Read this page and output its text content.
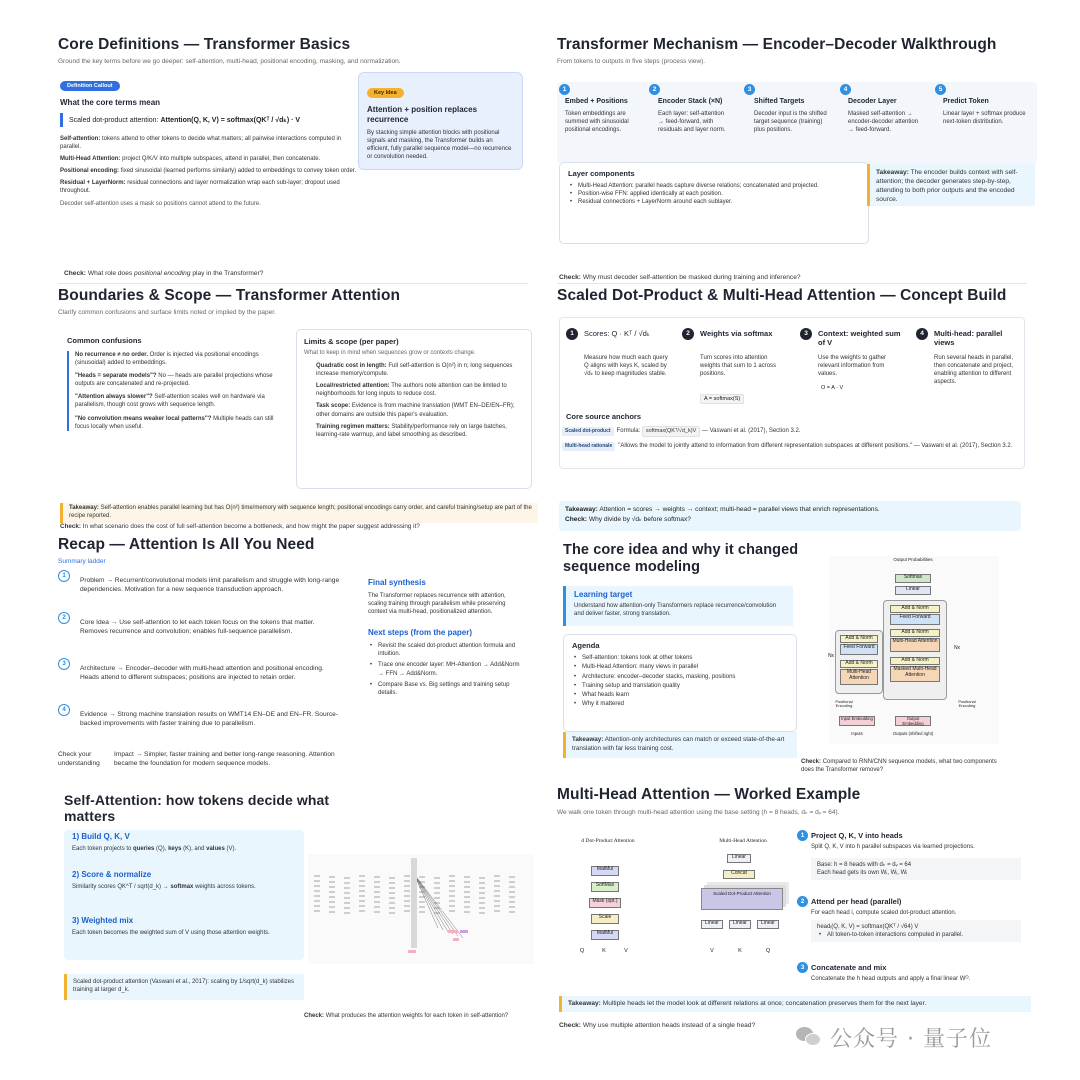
Core Definitions — Transformer Basics
Ground the key terms before we go deeper: self-attention, multi-head, positional encoding, masking, and normalization.
Definition Callout
What the core terms mean
Scaled dot-product attention: Attention(Q, K, V) = softmax(QKᵀ / √dₖ) · V
Self-attention: tokens attend to other tokens to decide what matters; all pairwise interactions computed in parallel.
Multi-Head Attention: project Q/K/V into multiple subspaces, attend in parallel, then concatenate.
Positional encoding: fixed sinusoidal (learned performs similarly) added to embeddings to convey token order.
Residual + LayerNorm: residual connections and layer normalization wrap each sub-layer; dropout used throughout.
Decoder self-attention uses a mask so positions cannot attend to the future.
Key Idea
Attention + position replaces recurrence
By stacking simple attention blocks with positional signals and masking, the Transformer builds an efficient, fully parallel sequence model—no recurrence or convolution needed.
Check: What role does positional encoding play in the Transformer?
Transformer Mechanism — Encoder–Decoder Walkthrough
From tokens to outputs in five steps (process view).
1
Embed + Positions
Token embeddings are summed with sinusoidal positional encodings.
2
Encoder Stack (×N)
Each layer: self-attention → feed-forward, with residuals and layer norm.
3
Shifted Targets
Decoder input is the shifted target sequence (training) plus positions.
4
Decoder Layer
Masked self-attention → encoder-decoder attention → feed-forward.
5
Predict Token
Linear layer + softmax produce next-token distribution.
Layer components
• Multi-Head Attention: parallel heads capture diverse relations; concatenated and projected.
• Position-wise FFN: applied identically at each position.
• Residual connections + LayerNorm around each sublayer.
Takeaway: The encoder builds context with self-attention; the decoder generates step-by-step, attending to both prior outputs and the encoded source.
Check: Why must decoder self-attention be masked during training and inference?
Boundaries & Scope — Transformer Attention
Clarify common confusions and surface limits noted or implied by the paper.
Common confusions
No recurrence ≠ no order. Order is injected via positional encodings (sinusoidal) added to embeddings.
"Heads = separate models"? No — heads are parallel projections whose outputs are concatenated and re-projected.
"Attention always slower"? Self-attention scales well on hardware via parallelism, though cost grows with sequence length.
"No convolution means weaker local patterns"? Multiple heads can still focus locally when useful.
Limits & scope (per paper)
What to keep in mind when sequences grow or contexts change.
Quadratic cost in length: Full self-attention is O(n²) in n; long sequences increase memory/compute.
Local/restricted attention: The authors note attention can be limited to neighborhoods for long inputs to reduce cost.
Task scope: Evidence is from machine translation (WMT EN–DE/EN–FR); other domains are outside this paper's evaluation.
Training regimen matters: Stability/performance rely on large batches, learning-rate warmup, and label smoothing as described.
Takeaway: Self-attention enables parallel learning but has O(n²) time/memory with sequence length; positional encodings carry order, and careful training/setup are part of the recipe reported.
Check: In what scenario does the cost of full self-attention become a bottleneck, and how might the paper suggest addressing it?
Scaled Dot-Product & Multi-Head Attention — Concept Build
1	Scores: Q · Kᵀ / √dₖ
Measure how much each query Q aligns with keys K, scaled by √dₖ to keep magnitudes stable.
2	Weights via softmax
Turn scores into attention weights that sum to 1 across positions.
A = softmax(S)
3	Context: weighted sum of V
Use the weights to gather relevant information from values.
O = A · V
4	Multi-head: parallel views
Run several heads in parallel, then concatenate and project, enabling attention to different aspects.
Core source anchors
Scaled dot-product Formula: softmax(QKᵀ/√d_k)V — Vaswani et al. (2017), Section 3.2.
Multi-head rationale "Allows the model to jointly attend to information from different representation subspaces at different positions." — Vaswani et al. (2017), Section 3.2.
Takeaway: Attention = scores → weights → context; multi-head = parallel views that enrich representations.
Check: Why divide by √dₖ before softmax?
Recap — Attention Is All You Need
Summary ladder
1
Problem → Recurrent/convolutional models limit parallelism and struggle with long-range dependencies. Motivation for a new sequence transduction approach.
2
Core Idea → Use self-attention to let each token focus on the tokens that matter. Removes recurrence and convolution; enables full-sequence parallelism.
3
Architecture → Encoder–decoder with multi-head attention and positional encoding. Heads attend to different subspaces; positions are injected to retain order.
4
Evidence → Strong machine translation results on WMT14 EN–DE and EN–FR. Source-backed improvements with faster training due to parallelism.
Check your understanding
Impact → Simpler, faster training and better long-range reasoning. Attention became the foundation for modern sequence models.
Final synthesis
The Transformer replaces recurrence with attention, scaling training through parallelism while preserving context via multi-head, positionalized attention.
Next steps (from the paper)
• Revisit the scaled dot-product attention formula and intuition.
• Trace one encoder layer: MH-Attention → Add&Norm → FFN → Add&Norm.
• Compare Base vs. Big settings and training setup details.
The core idea and why it changed sequence modeling
Learning target
Understand how attention-only Transformers replace recurrence/convolution and deliver faster, strong translation.
Agenda
• Self-attention: tokens look at other tokens
• Multi-Head Attention: many views in parallel
• Architecture: encoder–decoder stacks, masking, positions
• Training setup and translation quality
• What heads learn
• Why it mattered
Takeaway: Attention-only architectures can match or exceed state-of-the-art translation with far less training cost.
Output Probabilities
Softmax
Linear
Add & Norm
Feed Forward
Add & Norm
Multi-Head Attention
Add & Norm
Masked Multi-Head Attention
Nx
Add & Norm
Feed Forward
Add & Norm
Multi-Head Attention
Nx
Positional Encoding
Positional Encoding
Input Embedding	Output Embedding
Inputs	Outputs (shifted right)
Check: Compared to RNN/CNN sequence models, what two components does the Transformer remove?
Self-Attention: how tokens decide what matters
1) Build Q, K, V
Each token projects to queries (Q), keys (K), and values (V).
2) Score & normalize
Similarity scores QK^T / sqrt(d_k) → softmax weights across tokens.
3) Weighted mix
Each token becomes the weighted sum of V using those attention weights.
Scaled dot-product attention (Vaswani et al., 2017): scaling by 1/sqrt(d_k) stabilizes training at larger d_k.
Check: What produces the attention weights for each token in self-attention?
Multi-Head Attention — Worked Example
We walk one token through multi-head attention using the base setting (h = 8 heads, dₖ = dᵥ = 64).
d Dot-Product Attention	Multi-Head Attention
MatMul
SoftMax
Mask (opt.)
Scale
MatMul
Q	K	V
Linear
Concat
Scaled Dot-Product Attention
Linear	Linear	Linear
V	K	Q
1 Project Q, K, V into heads
Split Q, K, V into h parallel subspaces via learned projections.
Base: h = 8 heads with dₖ = dᵥ = 64
Each head gets its own Wᵢ, Wᵢ, Wᵢ
2 Attend per head (parallel)
For each head i, compute scaled dot-product attention.
headᵢ(Q, K, V) = softmax(QKᵀ / √64) V
• All token-to-token interactions computed in parallel.
3 Concatenate and mix
Concatenate the h head outputs and apply a final linear Wᴼ.
Takeaway: Multiple heads let the model look at different relations at once; concatenation preserves them for the next layer.
Check: Why use multiple attention heads instead of a single head?
公众号 · 量子位
